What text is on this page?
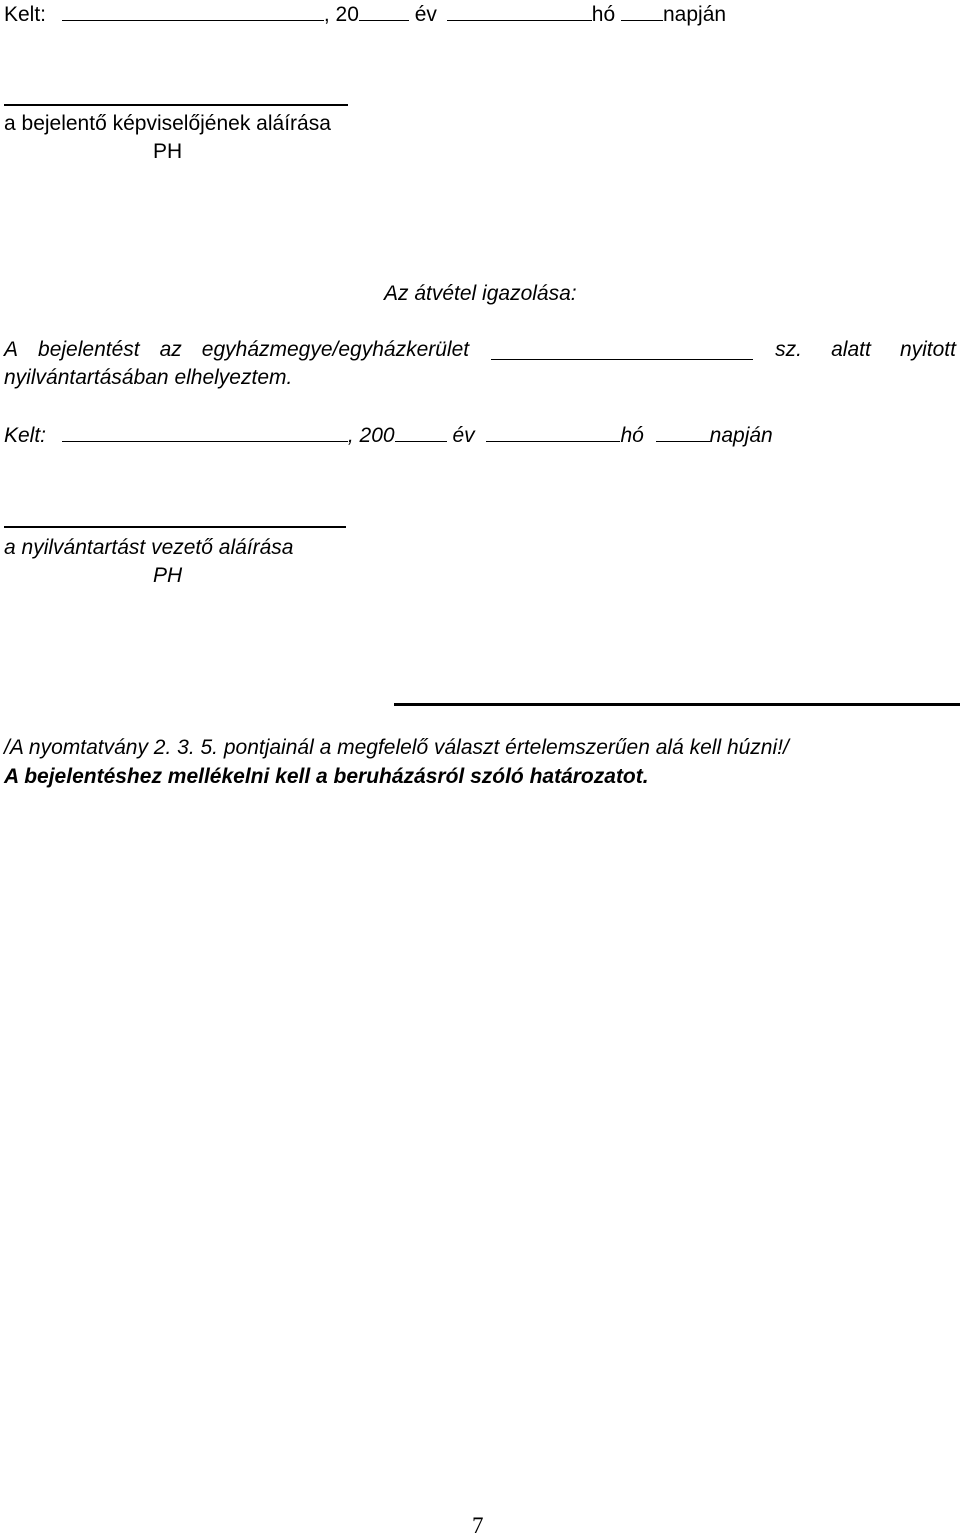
Kelt:	, 20	év	hó napján
a bejelentő képviselőjének aláírása
PH
Az átvétel igazolása:
A bejelentést az egyházmegye/egyházkerület	sz. alatt nyitott
nyilvántartásában elhelyeztem.
Kelt:	, 200	év	hó	napján
a nyilvántartást vezető aláírása
PH
/A nyomtatvány 2. 3. 5. pontjainál a megfelelő választ értelemszerűen alá kell húzni!/
A bejelentéshez mellékelni kell a beruházásról szóló határozatot.
7
